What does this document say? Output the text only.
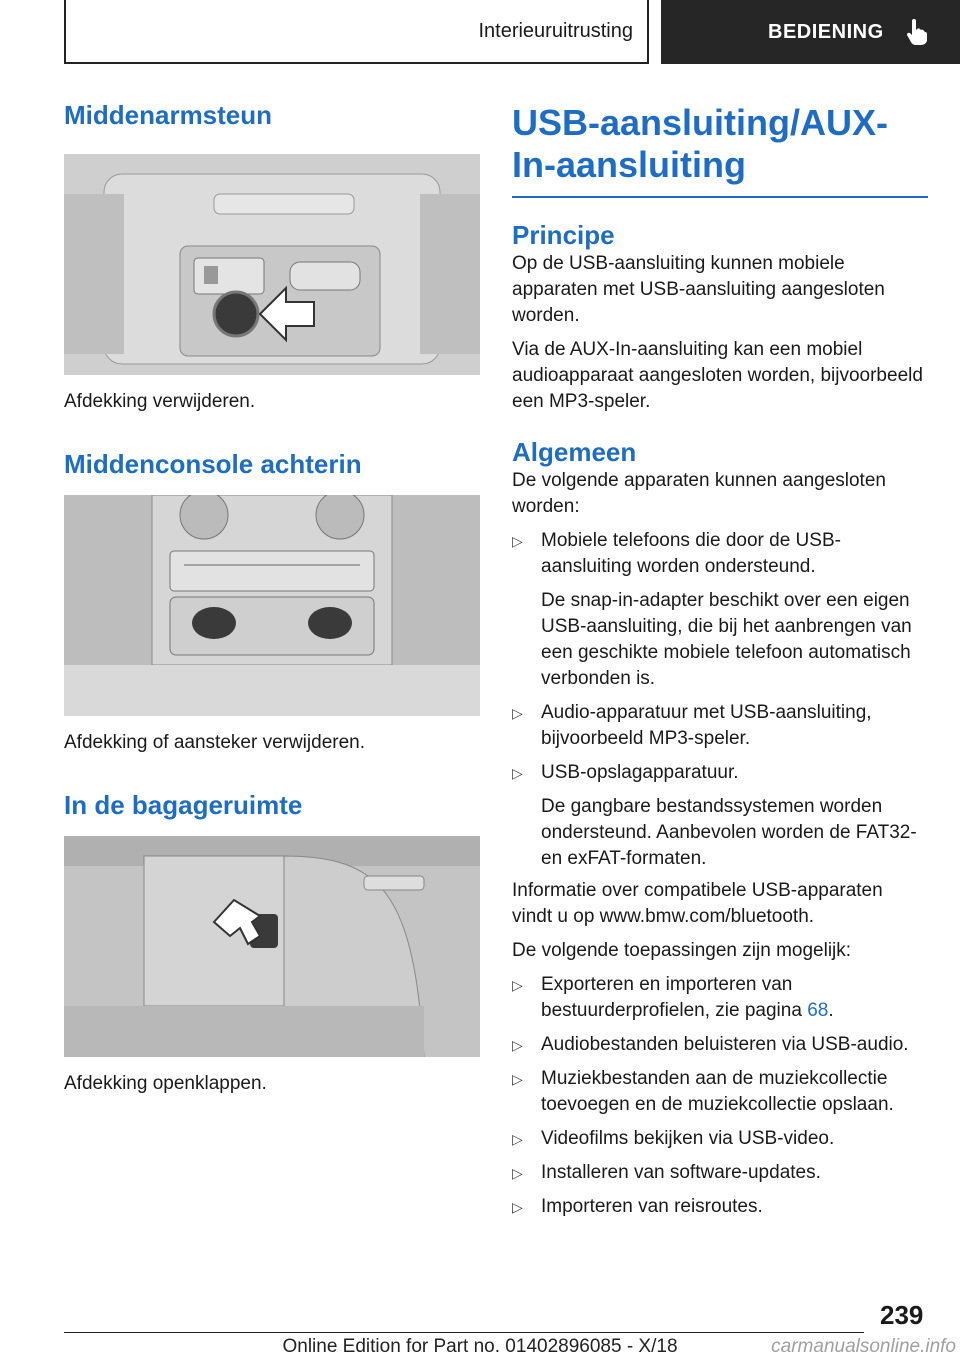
Interieuruitrusting	BEDIENING
Middenarmsteun
Afdekking verwijderen.
Middenconsole achterin
Afdekking of aansteker verwijderen.
In de bagageruimte
Afdekking openklappen.
USB-aansluiting/AUX-In-aansluiting
Principe

Op de USB-aansluiting kunnen mobiele apparaten met USB-aansluiting aangesloten worden.

Via de AUX-In-aansluiting kan een mobiel audioapparaat aangesloten worden, bijvoorbeeld een MP3-speler.

Algemeen

De volgende apparaten kunnen aangesloten worden:

▷ Mobiele telefoons die door de USB-aansluiting worden ondersteund.
De snap-in-adapter beschikt over een eigen USB-aansluiting, die bij het aanbrengen van een geschikte mobiele telefoon automatisch verbonden is.
▷ Audio-apparatuur met USB-aansluiting, bijvoorbeeld MP3-speler.
▷ USB-opslagapparatuur.
De gangbare bestandssystemen worden ondersteund. Aanbevolen worden de FAT32- en exFAT-formaten.

Informatie over compatibele USB-apparaten vindt u op www.bmw.com/bluetooth.

De volgende toepassingen zijn mogelijk:

▷ Exporteren en importeren van bestuurderprofielen, zie pagina 68.
▷ Audiobestanden beluisteren via USB-audio.
▷ Muziekbestanden aan de muziekcollectie toevoegen en de muziekcollectie opslaan.
▷ Videofilms bekijken via USB-video.
▷ Installeren van software-updates.
▷ Importeren van reisroutes.
239
Online Edition for Part no. 01402896085 - X/18	carmanualsonline.info
